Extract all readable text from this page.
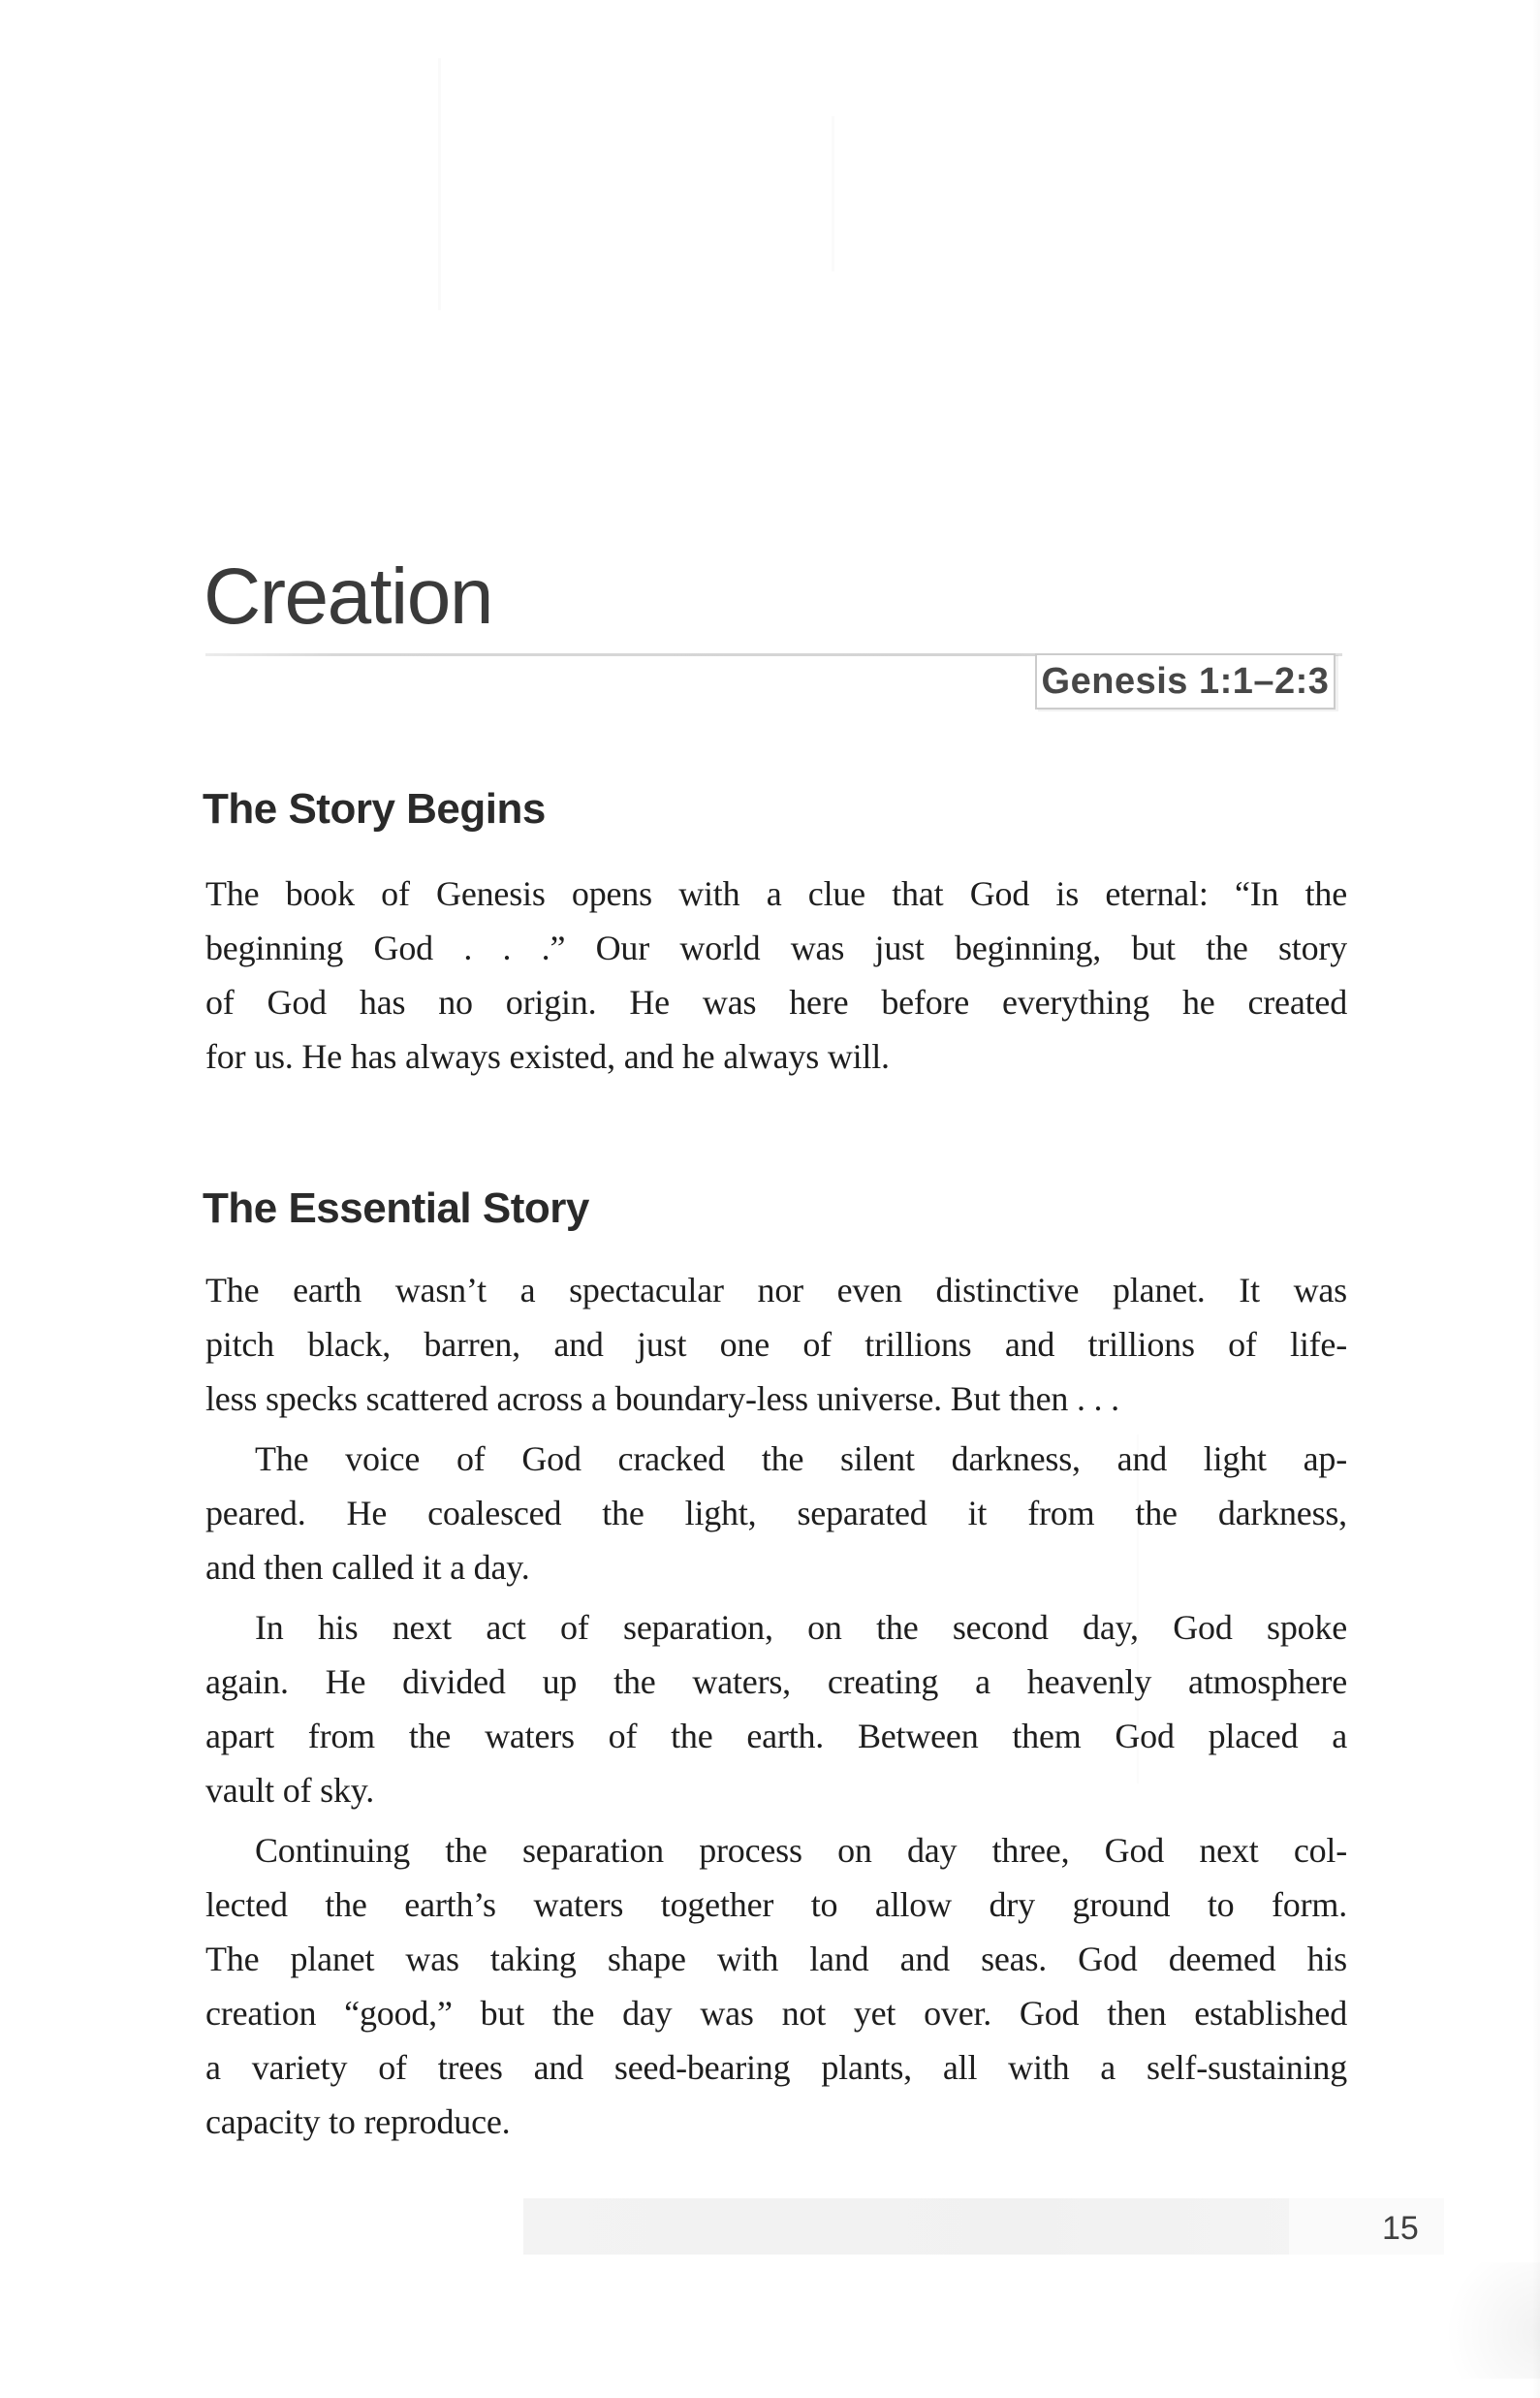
Creation
Genesis 1:1–2:3
The Story Begins
The book of Genesis opens with a clue that God is eternal: “In the
beginning God . . .” Our world was just beginning, but the story
of God has no origin. He was here before everything he created
for us. He has always existed, and he always will.
The Essential Story
The earth wasn’t a spectacular nor even distinctive planet. It was
pitch black, barren, and just one of trillions and trillions of life-
less specks scattered across a boundary-less universe. But then . . .
The voice of God cracked the silent darkness, and light ap-
peared. He coalesced the light, separated it from the darkness,
and then called it a day.
In his next act of separation, on the second day, God spoke
again. He divided up the waters, creating a heavenly atmosphere
apart from the waters of the earth. Between them God placed a
vault of sky.
Continuing the separation process on day three, God next col-
lected the earth’s waters together to allow dry ground to form.
The planet was taking shape with land and seas. God deemed his
creation “good,” but the day was not yet over. God then established
a variety of trees and seed-bearing plants, all with a self-sustaining
capacity to reproduce.
15
